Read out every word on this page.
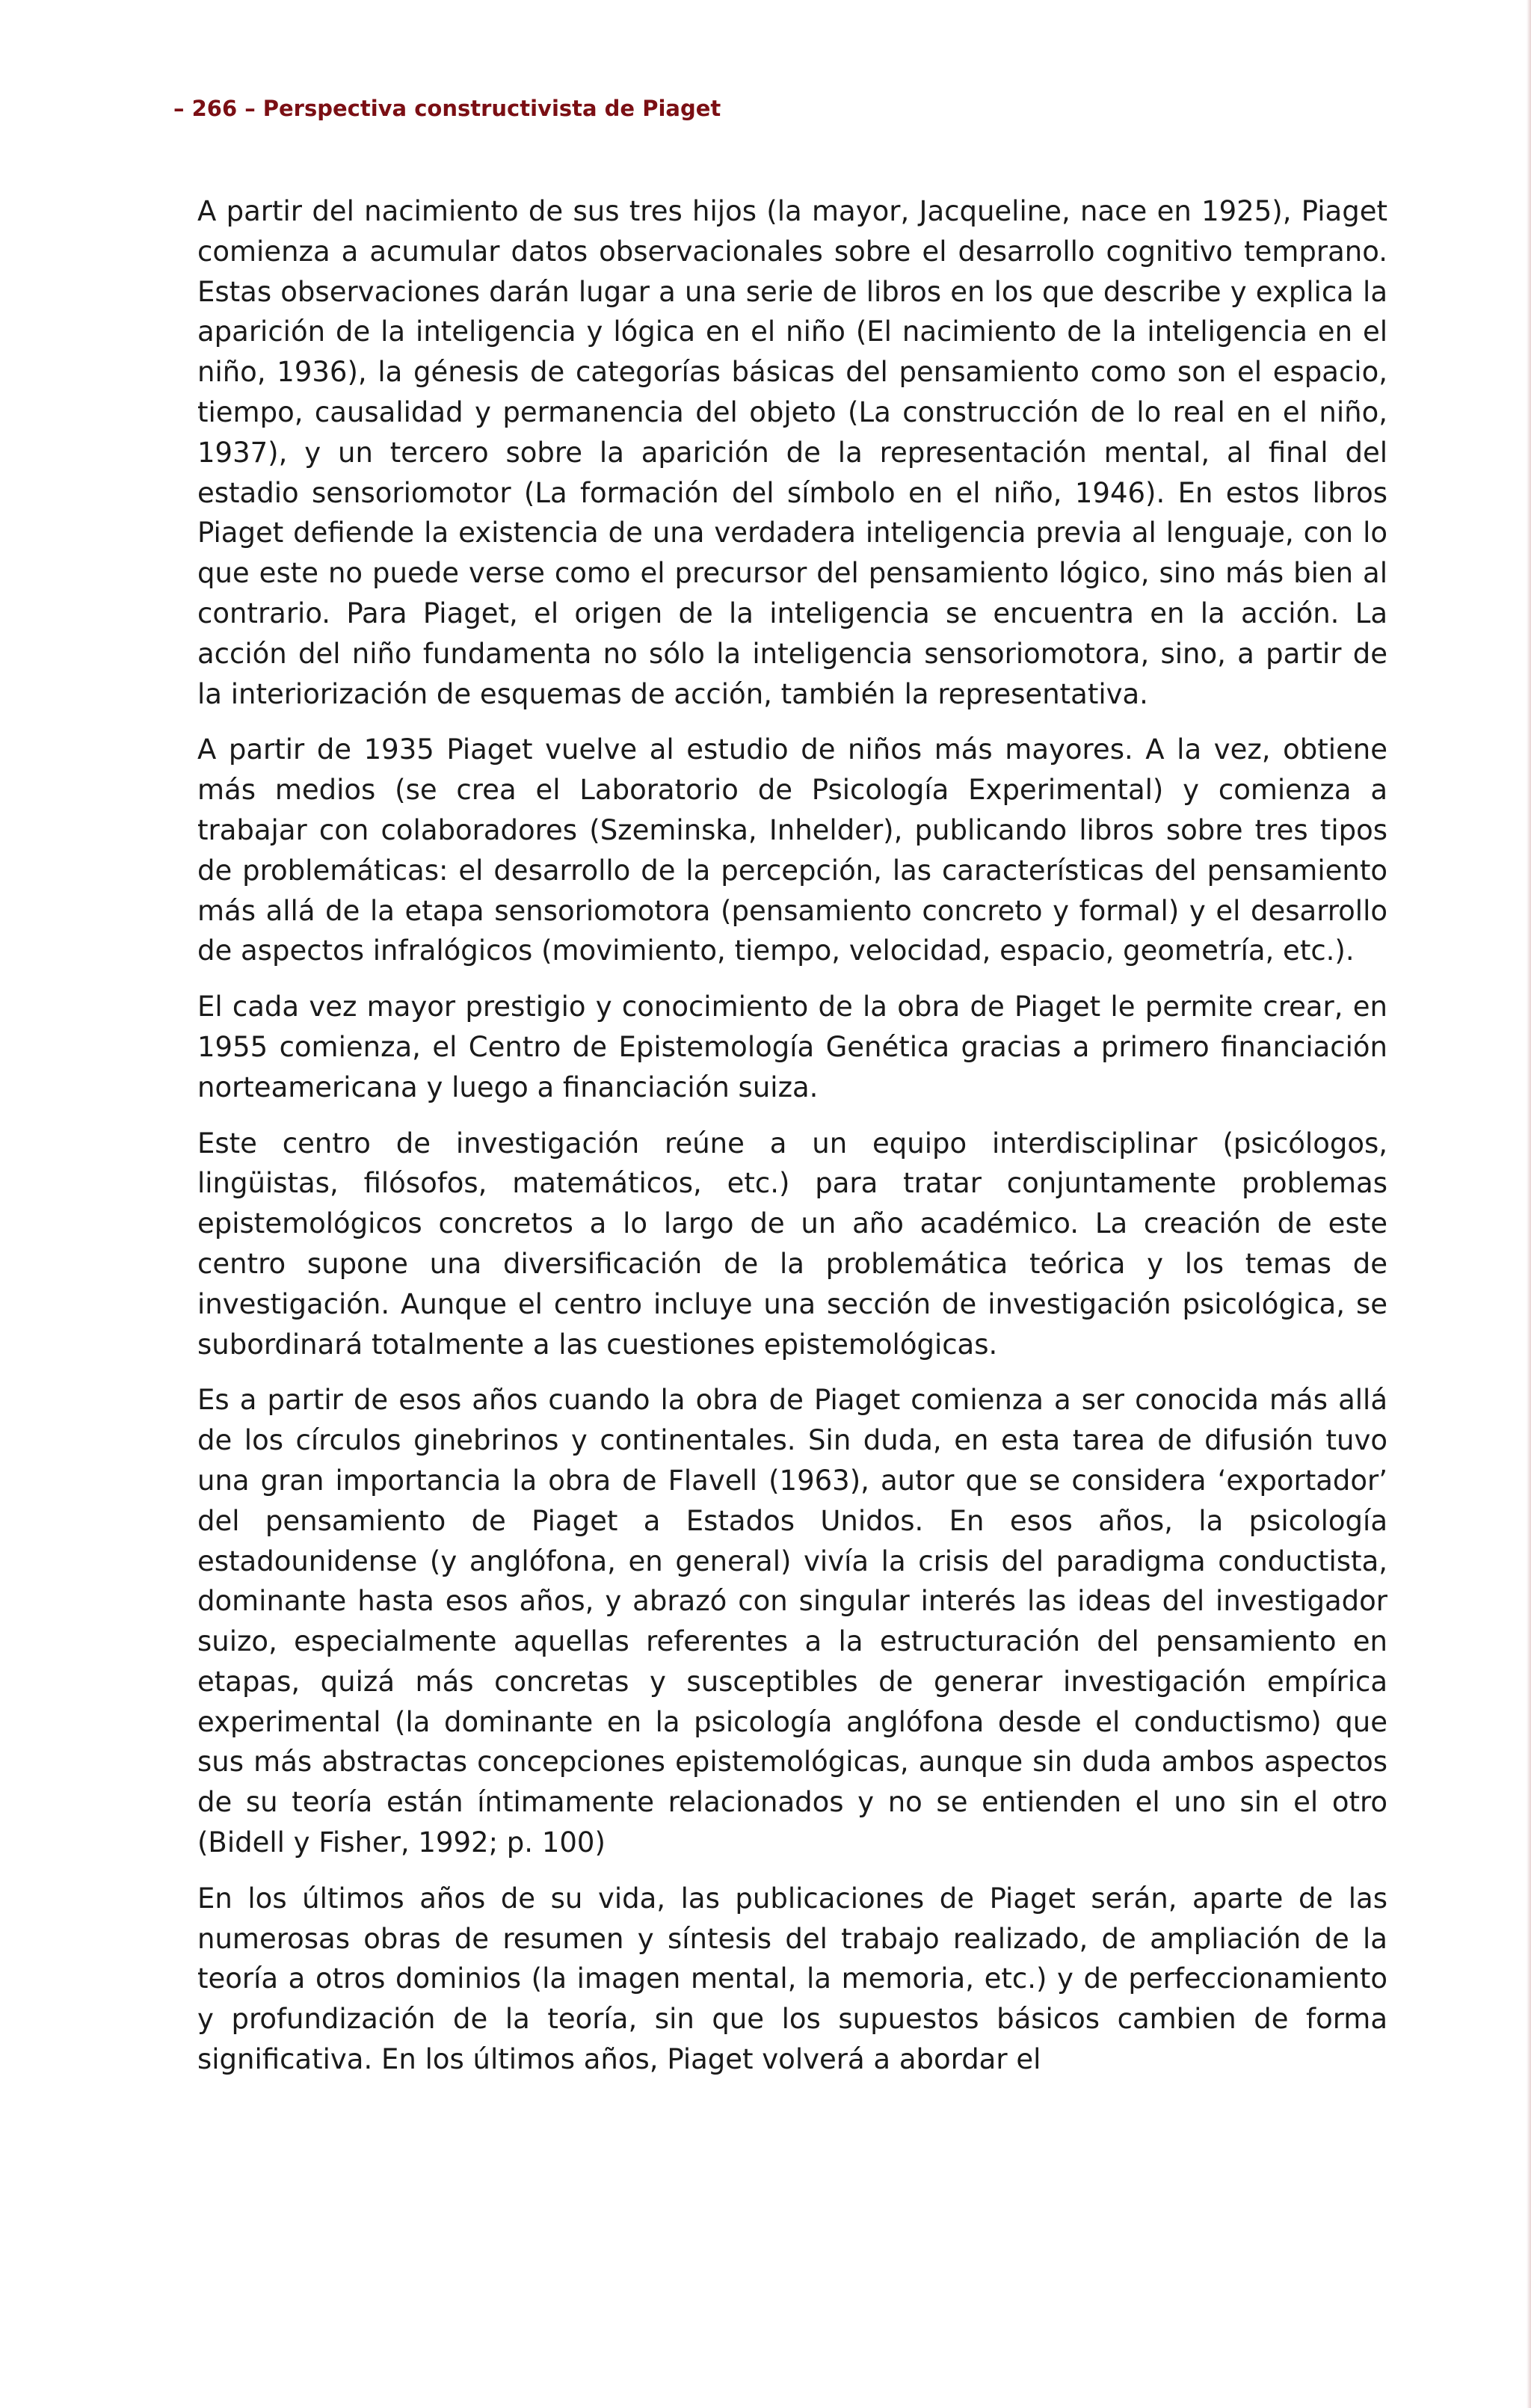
– 266 – Perspectiva constructivista de Piaget

A partir del nacimiento de sus tres hijos (la mayor, Jacqueline, nace en 1925), Piaget comienza a acumular datos observacionales sobre el desarrollo cognitivo temprano. Estas observaciones darán lugar a una serie de libros en los que describe y explica la aparición de la inteligencia y lógica en el niño (El nacimiento de la inteligencia en el niño, 1936), la génesis de categorías básicas del pensamiento como son el espacio, tiempo, causalidad y permanencia del objeto (La construcción de lo real en el niño, 1937), y un tercero sobre la aparición de la representación mental, al final del estadio sensoriomotor (La formación del símbolo en el niño, 1946). En estos libros Piaget defiende la existencia de una verdadera inteligencia previa al lenguaje, con lo que este no puede verse como el precursor del pensamiento lógico, sino más bien al contrario. Para Piaget, el origen de la inteligencia se encuentra en la acción. La acción del niño fundamenta no sólo la inteligencia sensoriomotora, sino, a partir de la interiorización de esquemas de acción, también la representativa.

A partir de 1935 Piaget vuelve al estudio de niños más mayores. A la vez, obtiene más medios (se crea el Laboratorio de Psicología Experimental) y comienza a trabajar con colaboradores (Szeminska, Inhelder), publicando libros sobre tres tipos de problemáticas: el desarrollo de la percepción, las características del pensamiento más allá de la etapa sensoriomotora (pensamiento concreto y formal) y el desarrollo de aspectos infralógicos (movimiento, tiempo, velocidad, espacio, geometría, etc.).

El cada vez mayor prestigio y conocimiento de la obra de Piaget le permite crear, en 1955 comienza, el Centro de Epistemología Genética gracias a primero financiación norteamericana y luego a financiación suiza.

Este centro de investigación reúne a un equipo interdisciplinar (psicólogos, lingüistas, filósofos, matemáticos, etc.) para tratar conjuntamente problemas epistemológicos concretos a lo largo de un año académico. La creación de este centro supone una diversificación de la problemática teórica y los temas de investigación. Aunque el centro incluye una sección de investigación psicológica, se subordinará totalmente a las cuestiones epistemológicas.

Es a partir de esos años cuando la obra de Piaget comienza a ser conocida más allá de los círculos ginebrinos y continentales. Sin duda, en esta tarea de difusión tuvo una gran importancia la obra de Flavell (1963), autor que se considera ‘exportador’ del pensamiento de Piaget a Estados Unidos. En esos años, la psicología estadounidense (y anglófona, en general) vivía la crisis del paradigma conductista, dominante hasta esos años, y abrazó con singular interés las ideas del investigador suizo, especialmente aquellas referentes a la estructuración del pensamiento en etapas, quizá más concretas y susceptibles de generar investigación empírica experimental (la dominante en la psicología anglófona desde el conductismo) que sus más abstractas concepciones epistemológicas, aunque sin duda ambos aspectos de su teoría están íntimamente relacionados y no se entienden el uno sin el otro (Bidell y Fisher, 1992; p. 100)

En los últimos años de su vida, las publicaciones de Piaget serán, aparte de las numerosas obras de resumen y síntesis del trabajo realizado, de ampliación de la teoría a otros dominios (la imagen mental, la memoria, etc.) y de perfeccionamiento y profundización de la teoría, sin que los supuestos básicos cambien de forma significativa. En los últimos años, Piaget volverá a abordar el
